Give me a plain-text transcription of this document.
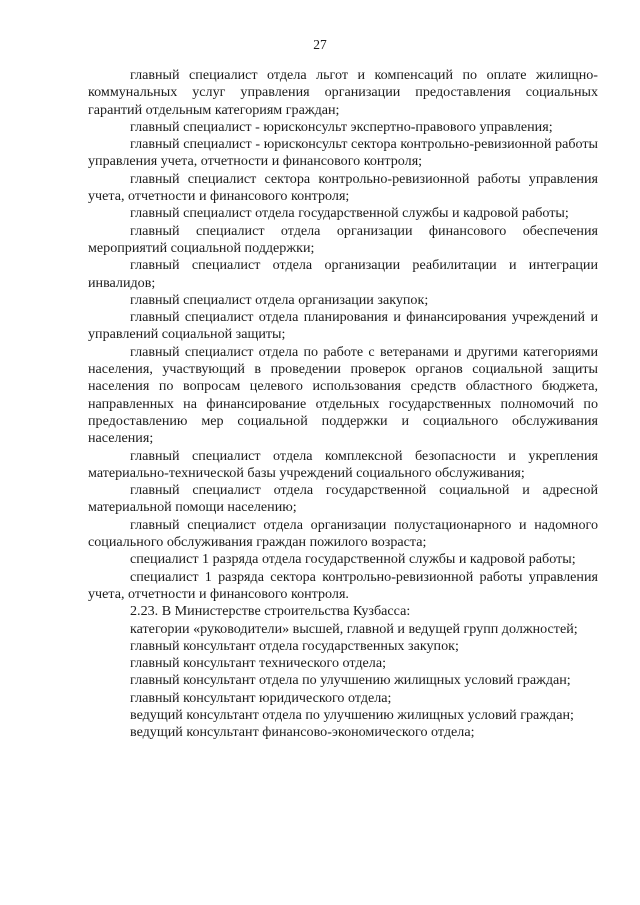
27

главный специалист отдела льгот и компенсаций по оплате жилищно-коммунальных услуг управления организации предоставления социальных гарантий отдельным категориям граждан;

главный специалист - юрисконсульт экспертно-правового управления;

главный специалист - юрисконсульт сектора контрольно-ревизионной работы управления учета, отчетности и финансового контроля;

главный специалист сектора контрольно-ревизионной работы управления учета, отчетности и финансового контроля;

главный специалист отдела государственной службы и кадровой работы;

главный специалист отдела организации финансового обеспечения мероприятий социальной поддержки;

главный специалист отдела организации реабилитации и интеграции инвалидов;

главный специалист отдела организации закупок;

главный специалист отдела планирования и финансирования учреждений и управлений социальной защиты;

главный специалист отдела по работе с ветеранами и другими категориями населения, участвующий в проведении проверок органов социальной защиты населения по вопросам целевого использования средств областного бюджета, направленных на финансирование отдельных государственных полномочий по предоставлению мер социальной поддержки и социального обслуживания населения;

главный специалист отдела комплексной безопасности и укрепления материально-технической базы учреждений социального обслуживания;

главный специалист отдела государственной социальной и адресной материальной помощи населению;

главный специалист отдела организации полустационарного и надомного социального обслуживания граждан пожилого возраста;

специалист 1 разряда отдела государственной службы и кадровой работы;

специалист 1 разряда сектора контрольно-ревизионной работы управления учета, отчетности и финансового контроля.

2.23. В Министерстве строительства Кузбасса:

категории «руководители» высшей, главной и ведущей групп должностей;

главный консультант отдела государственных закупок;

главный консультант технического отдела;

главный консультант отдела по улучшению жилищных условий граждан;

главный консультант юридического отдела;

ведущий консультант отдела по улучшению жилищных условий граждан;

ведущий консультант финансово-экономического отдела;
